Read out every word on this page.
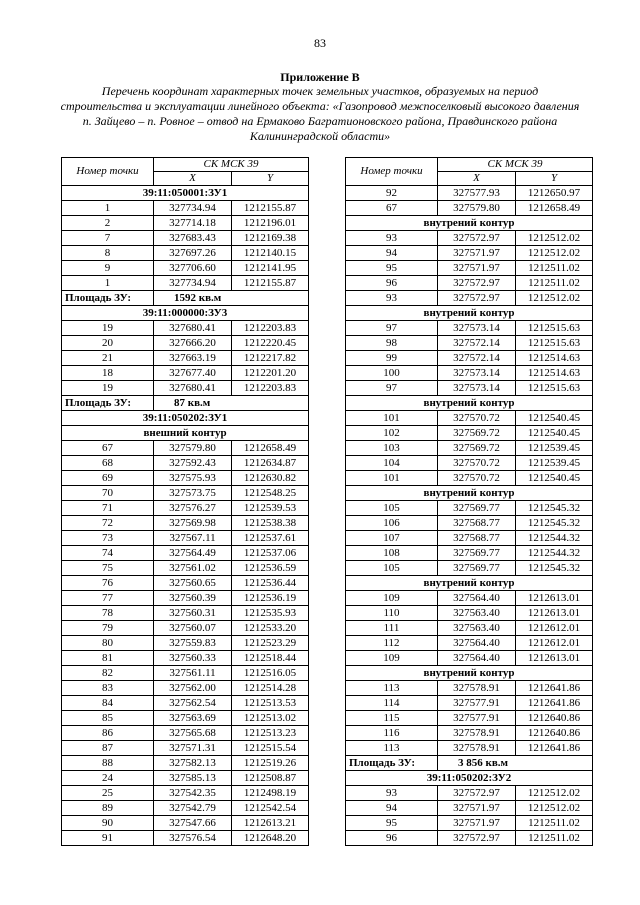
83
Приложение В
Перечень координат характерных точек земельных участков, образуемых на период строительства и эксплуатации линейного объекта: «Газопровод межпоселковый высокого давления п. Зайцево – п. Ровное – отвод на Ермаково Багратионовского района, Правдинского района Калининградской области»
Номер точки	СК МСК 39	
	X	Y
39:11:050001:ЗУ1		
1	327734.94	1212155.87
2	327714.18	1212196.01
7	327683.43	1212169.38
8	327697.26	1212140.15
9	327706.60	1212141.95
1	327734.94	1212155.87
Площадь ЗУ:	1592 кв.м	
39:11:000000:ЗУ3		
19	327680.41	1212203.83
20	327666.20	1212220.45
21	327663.19	1212217.82
18	327677.40	1212201.20
19	327680.41	1212203.83
Площадь ЗУ:	87 кв.м	
39:11:050202:ЗУ1		
внешний контур		
67	327579.80	1212658.49
68	327592.43	1212634.87
69	327575.93	1212630.82
70	327573.75	1212548.25
71	327576.27	1212539.53
72	327569.98	1212538.38
73	327567.11	1212537.61
74	327564.49	1212537.06
75	327561.02	1212536.59
76	327560.65	1212536.44
77	327560.39	1212536.19
78	327560.31	1212535.93
79	327560.07	1212533.20
80	327559.83	1212523.29
81	327560.33	1212518.44
82	327561.11	1212516.05
83	327562.00	1212514.28
84	327562.54	1212513.53
85	327563.69	1212513.02
86	327565.68	1212513.23
87	327571.31	1212515.54
88	327582.13	1212519.26
24	327585.13	1212508.87
25	327542.35	1212498.19
89	327542.79	1212542.54
90	327547.66	1212613.21
91	327576.54	1212648.20
Номер точки	СК МСК 39	
	X	Y
92	327577.93	1212650.97
67	327579.80	1212658.49
внутрений контур		
93	327572.97	1212512.02
94	327571.97	1212512.02
95	327571.97	1212511.02
96	327572.97	1212511.02
93	327572.97	1212512.02
внутрений контур		
97	327573.14	1212515.63
98	327572.14	1212515.63
99	327572.14	1212514.63
100	327573.14	1212514.63
97	327573.14	1212515.63
внутрений контур		
101	327570.72	1212540.45
102	327569.72	1212540.45
103	327569.72	1212539.45
104	327570.72	1212539.45
101	327570.72	1212540.45
внутрений контур		
105	327569.77	1212545.32
106	327568.77	1212545.32
107	327568.77	1212544.32
108	327569.77	1212544.32
105	327569.77	1212545.32
внутрений контур		
109	327564.40	1212613.01
110	327563.40	1212613.01
111	327563.40	1212612.01
112	327564.40	1212612.01
109	327564.40	1212613.01
внутрений контур		
113	327578.91	1212641.86
114	327577.91	1212641.86
115	327577.91	1212640.86
116	327578.91	1212640.86
113	327578.91	1212641.86
Площадь ЗУ:	3 856 кв.м	
39:11:050202:ЗУ2		
93	327572.97	1212512.02
94	327571.97	1212512.02
95	327571.97	1212511.02
96	327572.97	1212511.02
